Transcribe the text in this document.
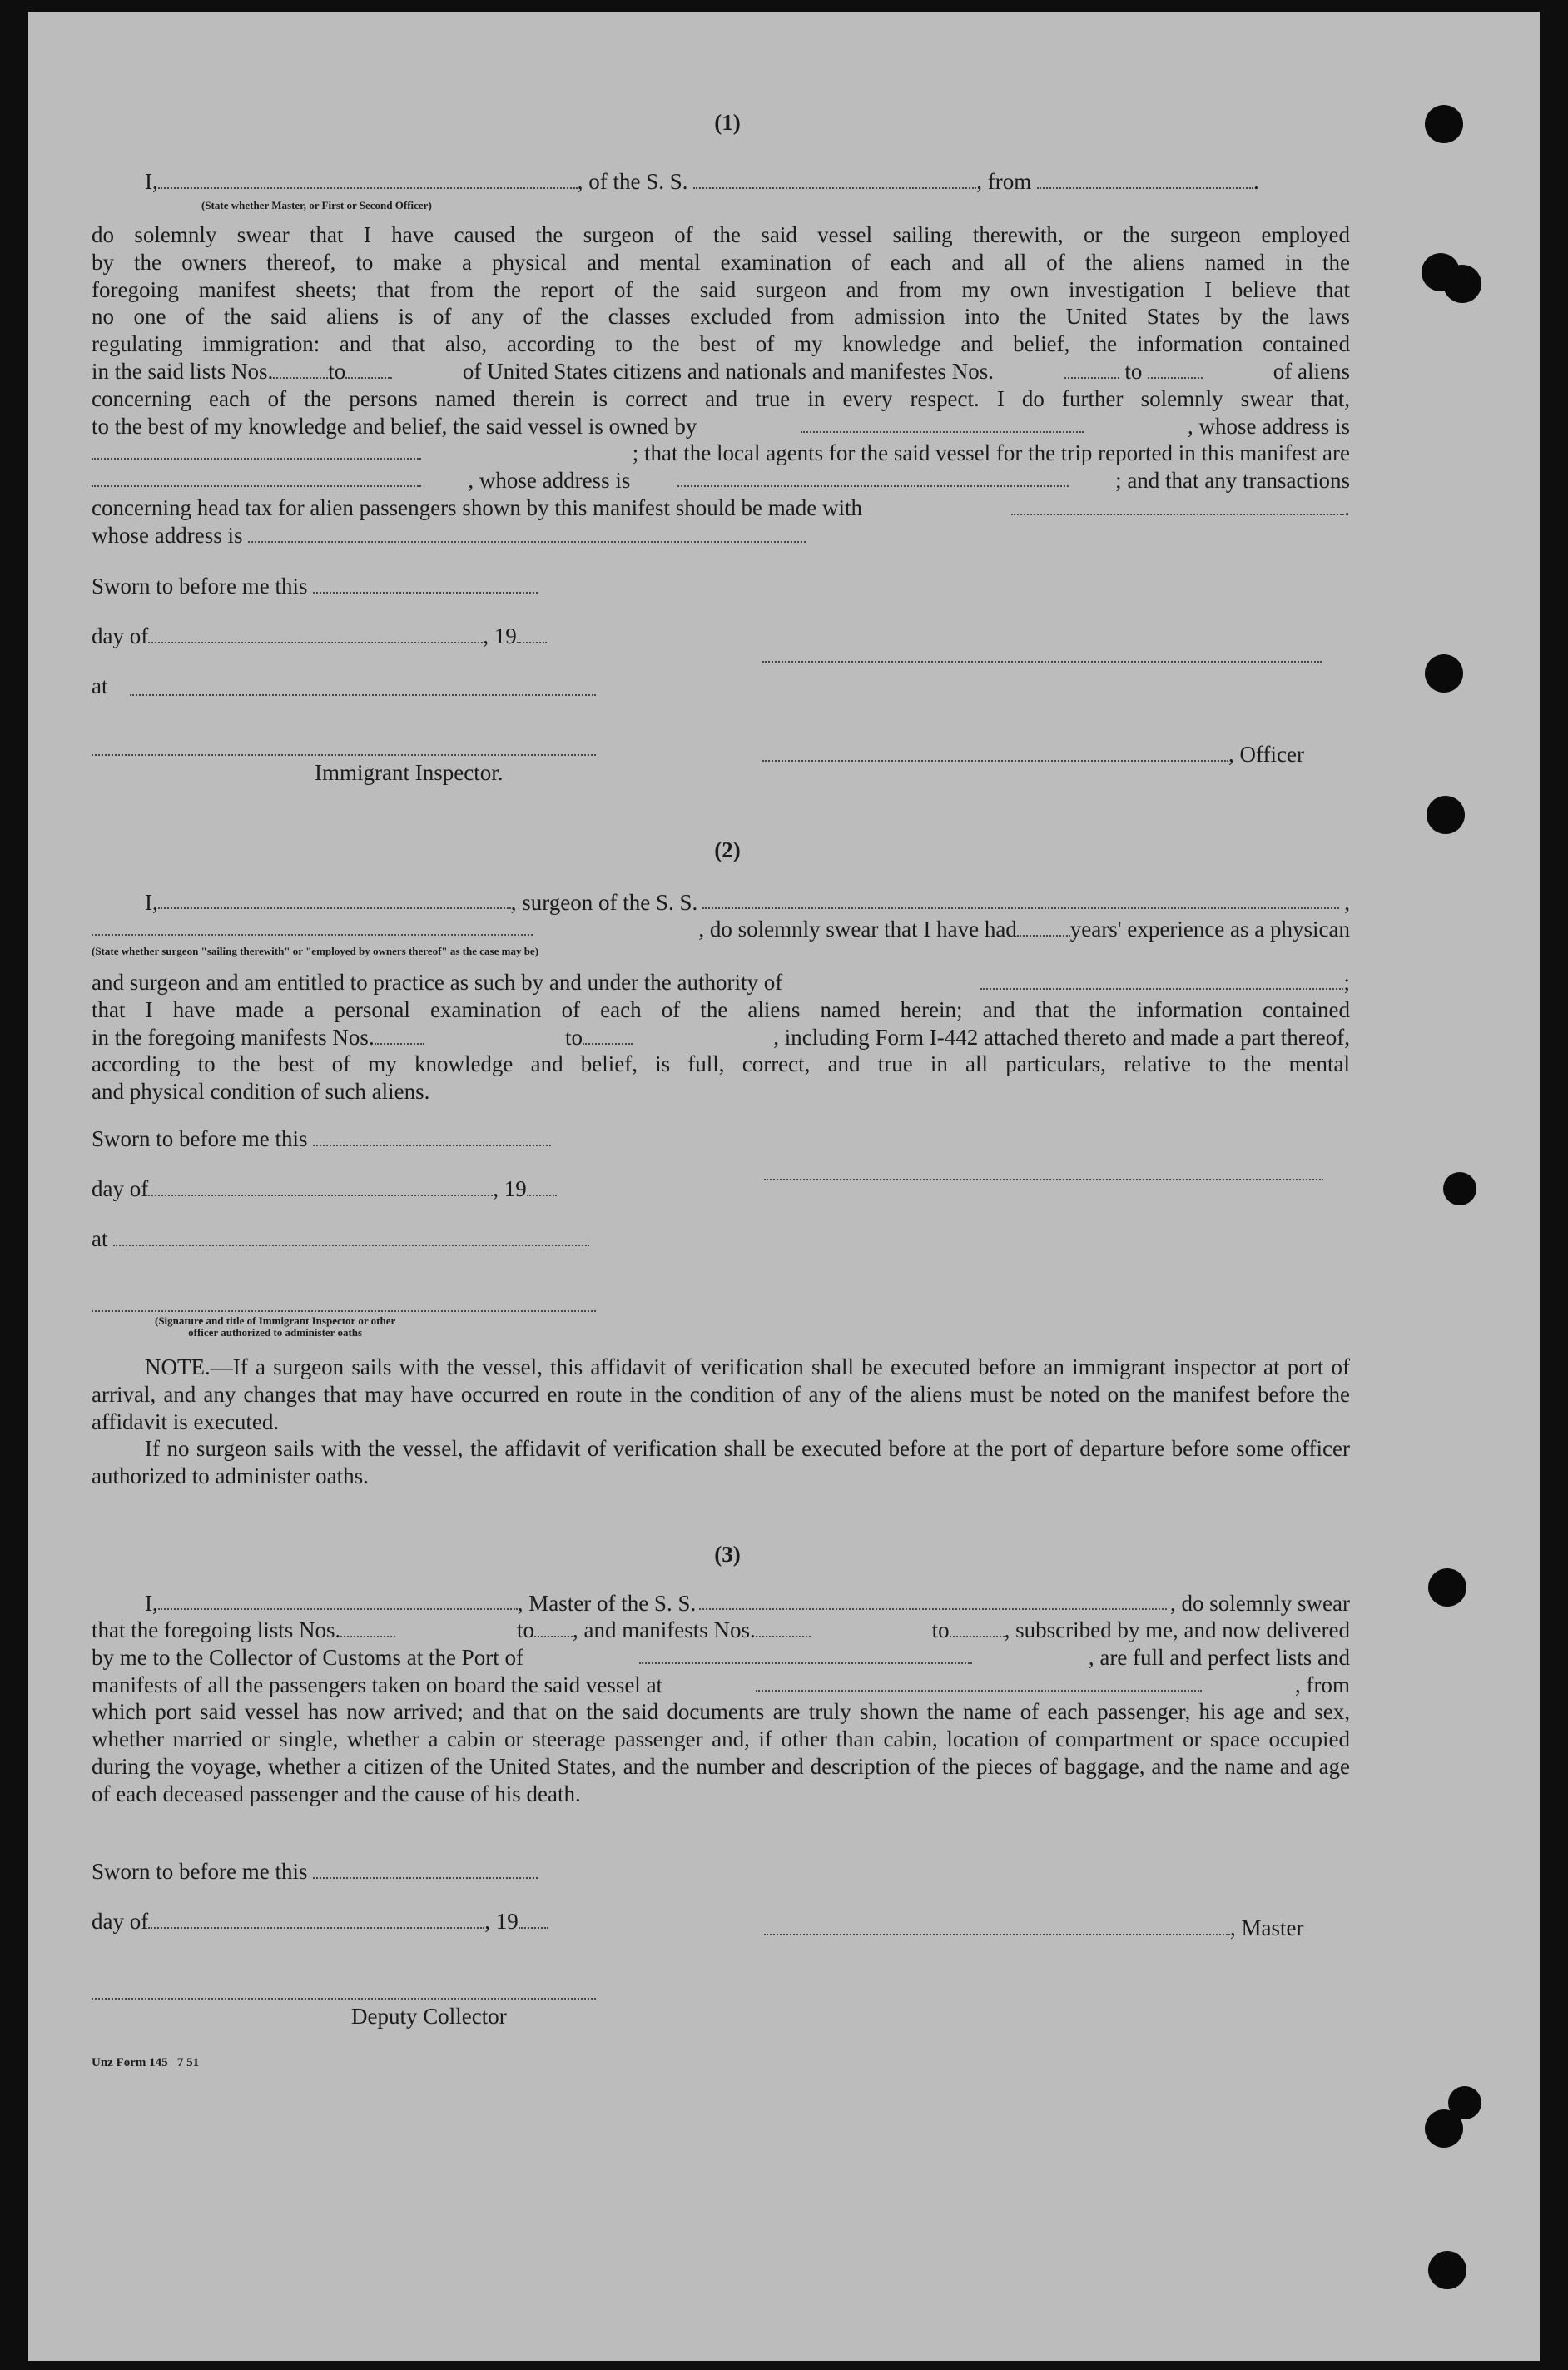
(1)
I,	, of the S. S.	, from	.
(State whether Master, or First or Second Officer)
do solemnly swear that I have caused the surgeon of the said vessel sailing therewith, or the surgeon employed
by the owners thereof, to make a physical and mental examination of each and all of the aliens named in the
foregoing manifest sheets; that from the report of the said surgeon and from my own investigation I believe that
no one of the said aliens is of any of the classes excluded from admission into the United States by the laws
regulating immigration: and that also, according to the best of my knowledge and belief, the information contained
in the said lists Nos. to	of United States citizens and nationals and manifestes Nos.	to	of aliens
concerning each of the persons named therein is correct and true in every respect. I do further solemnly swear that,
to the best of my knowledge and belief, the said vessel is owned by	, whose address is
; that the local agents for the said vessel for the trip reported in this manifest are
, whose address is	; and that any transactions
concerning head tax for alien passengers shown by this manifest should be made with	.
whose address is
Sworn to before me this
day of	, 19
at
Immigrant Inspector.
, Officer
(2)
I,	, surgeon of the S. S.	,
, do solemnly swear that I have had years' experience as a physican
(State whether surgeon "sailing therewith" or "employed by owners thereof" as the case may be)
and surgeon and am entitled to practice as such by and under the authority of	;
that I have made a personal examination of each of the aliens named herein; and that the information contained
in the foregoing manifests Nos.	to	, including Form I-442 attached thereto and made a part thereof,
according to the best of my knowledge and belief, is full, correct, and true in all particulars, relative to the mental
and physical condition of such aliens.
Sworn to before me this
day of	, 19
at
(Signature and title of Immigrant Inspector or other
officer authorized to administer oaths
NOTE.—If a surgeon sails with the vessel, this affidavit of verification shall be executed before an immigrant inspector at port of arrival, and any changes that may have occurred en route in the condition of any of the aliens must be noted on the manifest before the affidavit is executed.
If no surgeon sails with the vessel, the affidavit of verification shall be executed before at the port of departure before some officer authorized to administer oaths.
(3)
I,	, Master of the S. S.	, do solemnly swear
that the foregoing lists Nos.	to , and manifests Nos.	to , subscribed by me, and now delivered
by me to the Collector of Customs at the Port of	, are full and perfect lists and
manifests of all the passengers taken on board the said vessel at	, from
which port said vessel has now arrived; and that on the said documents are truly shown the name of each passenger, his age and sex, whether married or single, whether a cabin or steerage passenger and, if other than cabin, location of compartment or space occupied during the voyage, whether a citizen of the United States, and the number and description of the pieces of baggage, and the name and age of each deceased passenger and the cause of his death.
Sworn to before me this
day of	, 19	, Master
Deputy Collector
Unz Form 145   7 51
